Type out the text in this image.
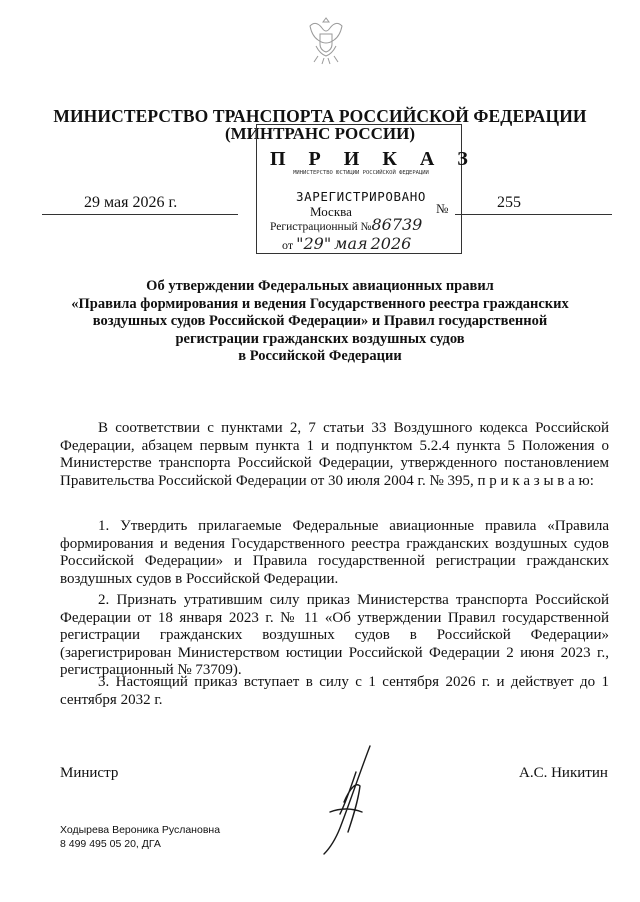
МИНИСТЕРСТВО ТРАНСПОРТА РОССИЙСКОЙ ФЕДЕРАЦИИ
(МИНТРАНС РОССИИ)
П Р И К А З
МИНИСТЕРСТВО ЮСТИЦИИ РОССИЙСКОЙ ФЕДЕРАЦИИ
ЗАРЕГИСТРИРОВАНО
Москва
Регистрационный №86739
№
от "29" мая 2026
29 мая 2026 г.	255
Об утверждении Федеральных авиационных правил
«Правила формирования и ведения Государственного реестра гражданских
воздушных судов Российской Федерации» и Правил государственной
регистрации гражданских воздушных судов
в Российской Федерации
В соответствии с пунктами 2, 7 статьи 33 Воздушного кодекса Российской Федерации, абзацем первым пункта 1 и подпунктом 5.2.4 пункта 5 Положения о Министерстве транспорта Российской Федерации, утвержденного постановлением Правительства Российской Федерации от 30 июля 2004 г. № 395, п р и к а з ы в а ю:
1. Утвердить прилагаемые Федеральные авиационные правила «Правила формирования и ведения Государственного реестра гражданских воздушных судов Российской Федерации» и Правила государственной регистрации гражданских воздушных судов в Российской Федерации.
2. Признать утратившим силу приказ Министерства транспорта Российской Федерации от 18 января 2023 г. № 11 «Об утверждении Правил государственной регистрации гражданских воздушных судов в Российской Федерации» (зарегистрирован Министерством юстиции Российской Федерации 2 июня 2023 г., регистрационный № 73709).
3. Настоящий приказ вступает в силу с 1 сентября 2026 г. и действует до 1 сентября 2032 г.
Министр	А.С. Никитин
Ходырева Вероника Руслановна
8 499 495 05 20, ДГА
